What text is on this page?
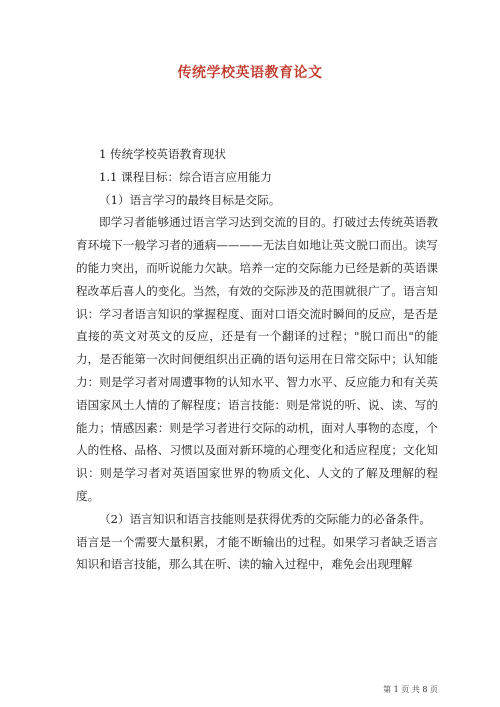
传统学校英语教育论文

1 传统学校英语教育现状

1.1 课程目标：综合语言应用能力

（1）语言学习的最终目标是交际。

即学习者能够通过语言学习达到交流的目的。打破过去传统英语教育环境下一般学习者的通病————无法自如地让英文脱口而出。读写的能力突出，而听说能力欠缺。培养一定的交际能力已经是新的英语课程改革后喜人的变化。当然，有效的交际涉及的范围就很广了。语言知识：学习者语言知识的掌握程度、面对口语交流时瞬间的反应，是否是直接的英文对英文的反应，还是有一个翻译的过程；"脱口而出"的能力，是否能第一次时间便组织出正确的语句运用在日常交际中；认知能力：则是学习者对周遭事物的认知水平、智力水平、反应能力和有关英语国家风土人情的了解程度；语言技能：则是常说的听、说、读、写的能力；情感因素：则是学习者进行交际的动机，面对人事物的态度，个人的性格、品格、习惯以及面对新环境的心理变化和适应程度；文化知识：则是学习者对英语国家世界的物质文化、人文的了解及理解的程度。

（2）语言知识和语言技能则是获得优秀的交际能力的必备条件。

语言是一个需要大量积累，才能不断输出的过程。如果学习者缺乏语言知识和语言技能，那么其在听、读的输入过程中，难免会出现理解

第 1 页 共 8 页
